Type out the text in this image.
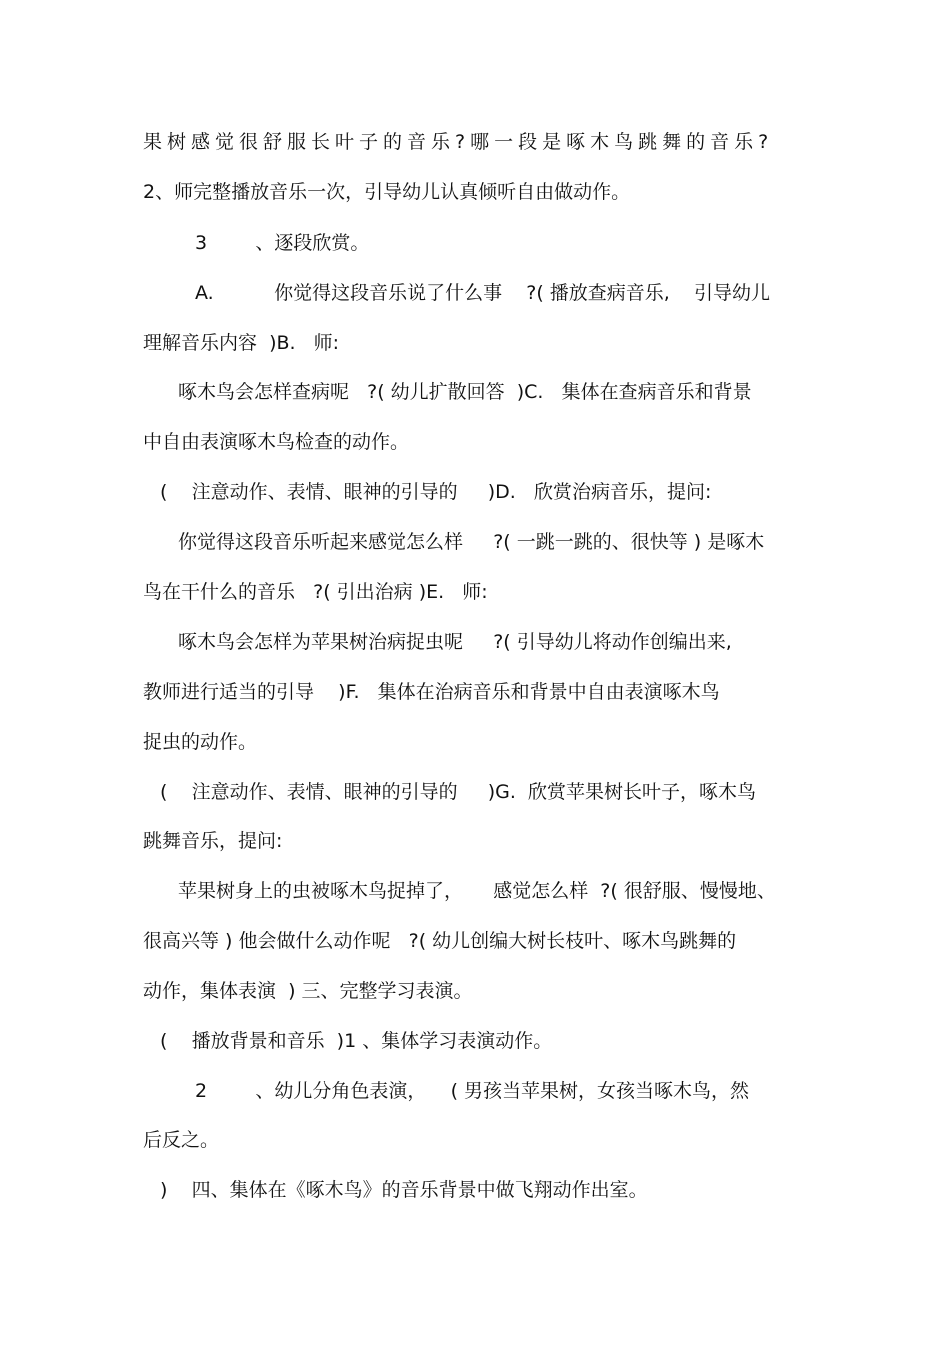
果树感觉很舒服长叶子的音乐?哪一段是啄木鸟跳舞的音乐?
2、师完整播放音乐一次，引导幼儿认真倾听自由做动作。
3        、逐段欣赏。
A.          你觉得这段音乐说了什么事    ?( 播放查病音乐,    引导幼儿
理解音乐内容  )B.   师:
啄木鸟会怎样查病呢   ?( 幼儿扩散回答  )C.   集体在查病音乐和背景
中自由表演啄木鸟检查的动作。
(    注意动作、表情、眼神的引导的     )D.   欣赏治病音乐，提问:
你觉得这段音乐听起来感觉怎么样     ?( 一跳一跳的、很快等 ) 是啄木
鸟在干什么的音乐   ?( 引出治病 )E.   师:
啄木鸟会怎样为苹果树治病捉虫呢     ?( 引导幼儿将动作创编出来,
教师进行适当的引导    )F.   集体在治病音乐和背景中自由表演啄木鸟
捉虫的动作。
(    注意动作、表情、眼神的引导的     )G.  欣赏苹果树长叶子，啄木鸟
跳舞音乐，提问:
苹果树身上的虫被啄木鸟捉掉了，     感觉怎么样  ?( 很舒服、慢慢地、
很高兴等 ) 他会做什么动作呢   ?( 幼儿创编大树长枝叶、啄木鸟跳舞的
动作，集体表演  ) 三、完整学习表演。
(    播放背景和音乐  )1 、集体学习表演动作。
2        、幼儿分角色表演，    ( 男孩当苹果树，女孩当啄木鸟，然
后反之。
)    四、集体在《啄木鸟》的音乐背景中做飞翔动作出室。
